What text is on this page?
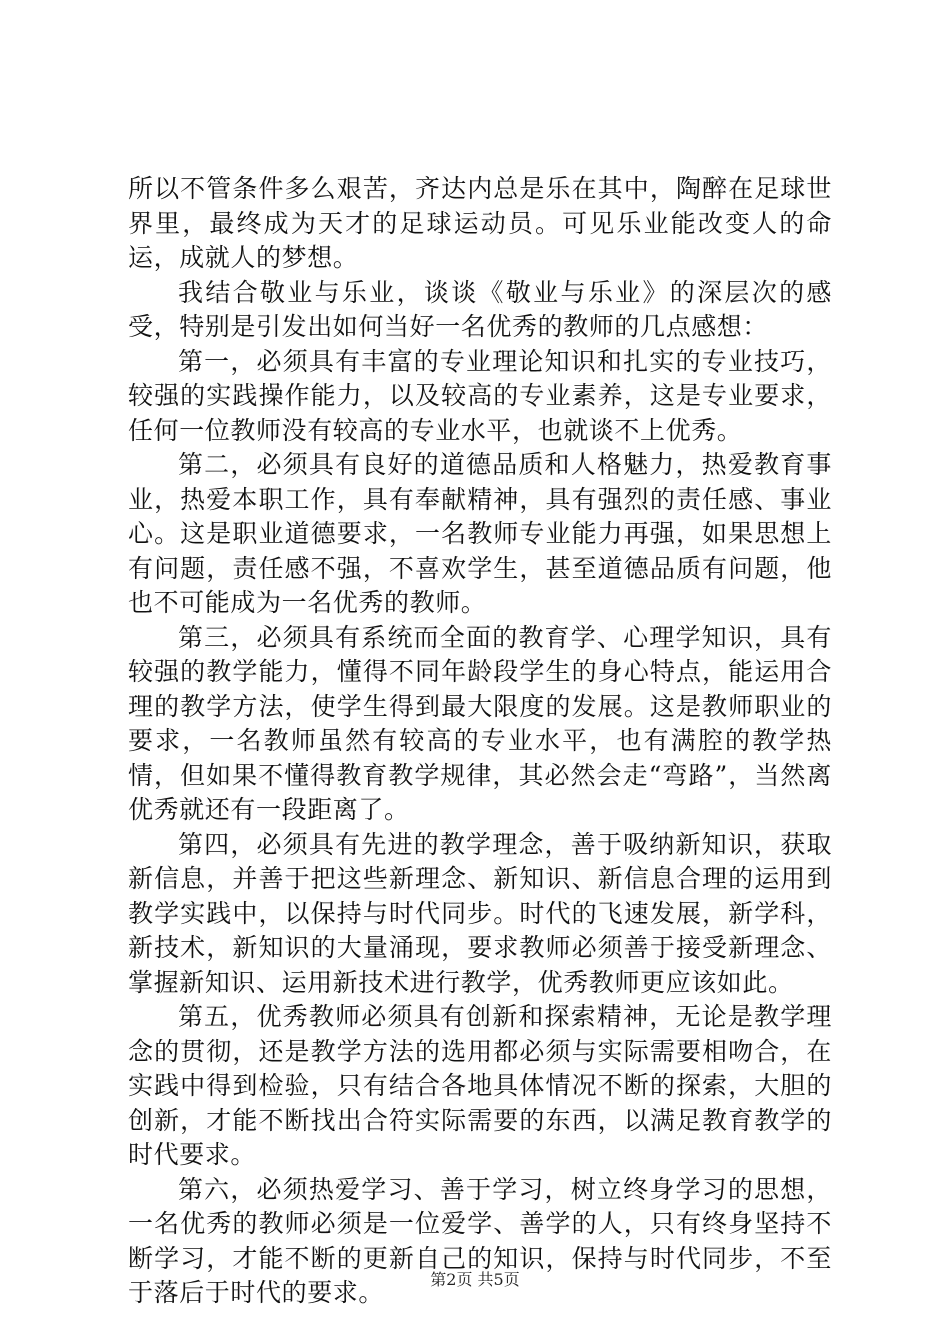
所以不管条件多么艰苦，齐达内总是乐在其中，陶醉在足球世界里，最终成为天才的足球运动员。可见乐业能改变人的命运，成就人的梦想。

我结合敬业与乐业，谈谈《敬业与乐业》的深层次的感受，特别是引发出如何当好一名优秀的教师的几点感想：

第一，必须具有丰富的专业理论知识和扎实的专业技巧，较强的实践操作能力，以及较高的专业素养，这是专业要求，任何一位教师没有较高的专业水平，也就谈不上优秀。

第二，必须具有良好的道德品质和人格魅力，热爱教育事业，热爱本职工作，具有奉献精神，具有强烈的责任感、事业心。这是职业道德要求，一名教师专业能力再强，如果思想上有问题，责任感不强，不喜欢学生，甚至道德品质有问题，他也不可能成为一名优秀的教师。

第三，必须具有系统而全面的教育学、心理学知识，具有较强的教学能力，懂得不同年龄段学生的身心特点，能运用合理的教学方法，使学生得到最大限度的发展。这是教师职业的要求，一名教师虽然有较高的专业水平，也有满腔的教学热情，但如果不懂得教育教学规律，其必然会走“弯路”，当然离优秀就还有一段距离了。

第四，必须具有先进的教学理念，善于吸纳新知识，获取新信息，并善于把这些新理念、新知识、新信息合理的运用到教学实践中，以保持与时代同步。时代的飞速发展，新学科，新技术，新知识的大量涌现，要求教师必须善于接受新理念、掌握新知识、运用新技术进行教学，优秀教师更应该如此。

第五，优秀教师必须具有创新和探索精神，无论是教学理念的贯彻，还是教学方法的选用都必须与实际需要相吻合，在实践中得到检验，只有结合各地具体情况不断的探索，大胆的创新，才能不断找出合符实际需要的东西，以满足教育教学的时代要求。

第六，必须热爱学习、善于学习，树立终身学习的思想，一名优秀的教师必须是一位爱学、善学的人，只有终身坚持不断学习，才能不断的更新自己的知识，保持与时代同步，不至于落后于时代的要求。	第2页 共5页
